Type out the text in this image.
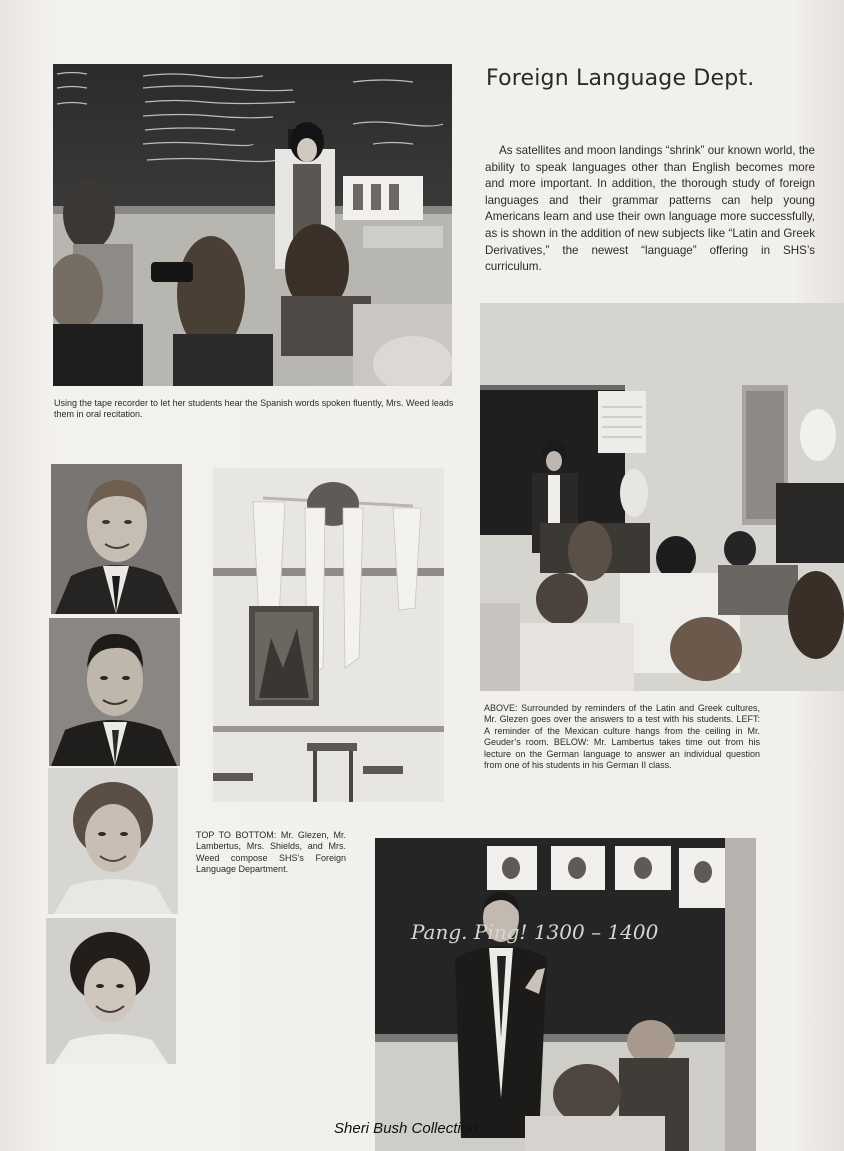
Using the tape recorder to let her students hear the Spanish words spoken fluently, Mrs. Weed leads them in oral recitation.

Foreign Language Dept.

As satellites and moon landings “shrink” our known world, the ability to speak languages other than English becomes more and more important. In addition, the thorough study of foreign languages and their grammar patterns can help young Americans learn and use their own language more successfully, as is shown in the addition of new subjects like “Latin and Greek Derivatives,” the newest “language” offering in SHS’s curriculum.

ABOVE: Surrounded by reminders of the Latin and Greek cultures, Mr. Glezen goes over the answers to a test with his students. LEFT: A reminder of the Mexican culture hangs from the ceiling in Mr. Geuder’s room. BELOW: Mr. Lambertus takes time out from his lecture on the German language to answer an individual question from one of his students in his German II class.

TOP TO BOTTOM: Mr. Glezen, Mr. Lambertus, Mrs. Shields, and Mrs. Weed compose SHS’s Foreign Language Department.

Pang. Ping! 1300 – 1400
Sheri Bush Collection
